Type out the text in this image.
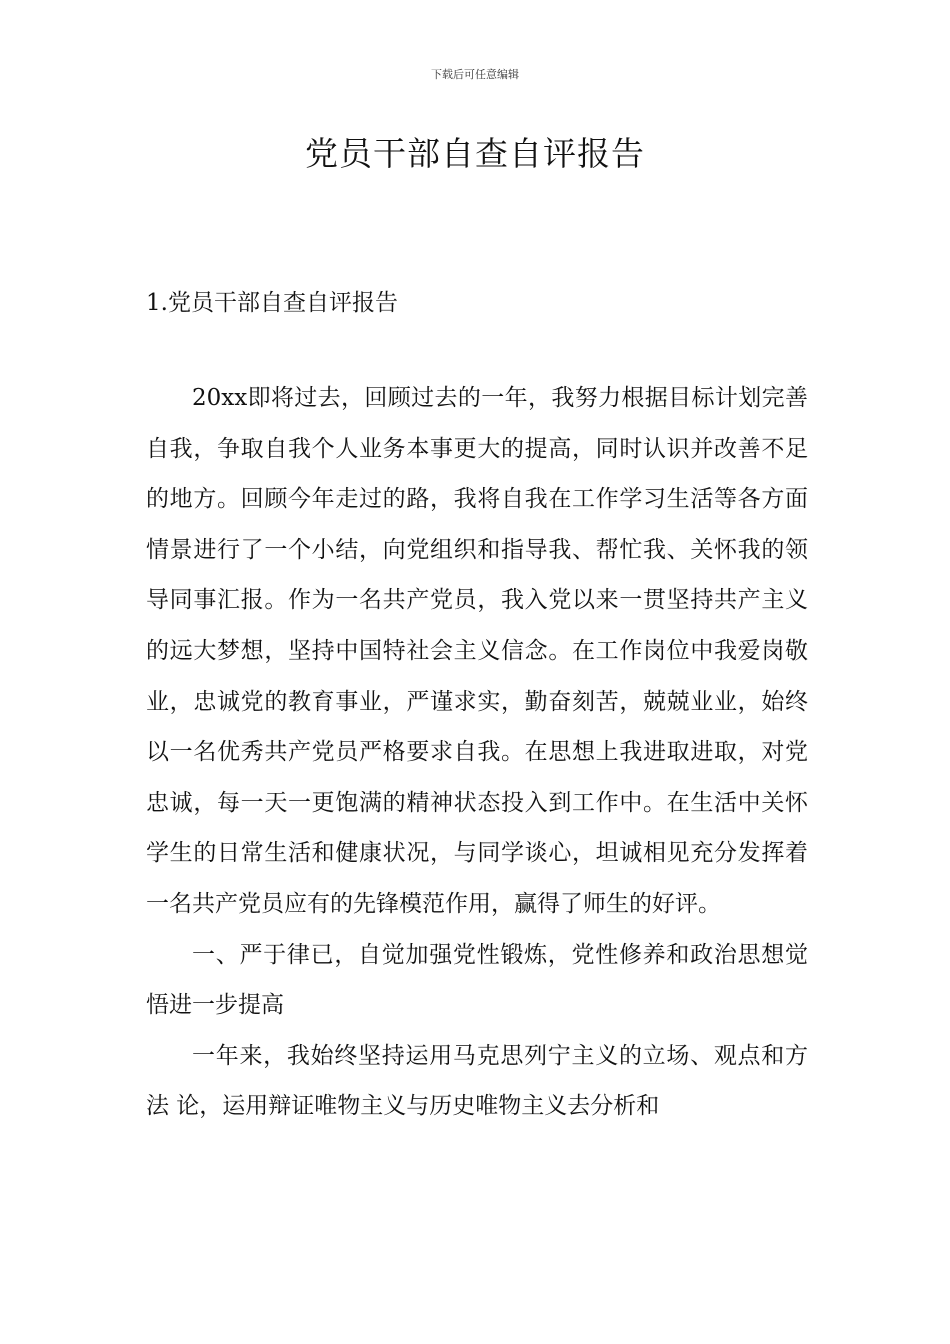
下载后可任意编辑
党员干部自查自评报告
1.党员干部自查自评报告

20xx即将过去，回顾过去的一年，我努力根据目标计划完善自我，争取自我个人业务本事更大的提高，同时认识并改善不足的地方。回顾今年走过的路，我将自我在工作学习生活等各方面情景进行了一个小结，向党组织和指导我、帮忙我、关怀我的领导同事汇报。作为一名共产党员，我入党以来一贯坚持共产主义的远大梦想，坚持中国特社会主义信念。在工作岗位中我爱岗敬业，忠诚党的教育事业，严谨求实，勤奋刻苦，兢兢业业，始终以一名优秀共产党员严格要求自我。在思想上我进取进取，对党忠诚，每一天一更饱满的精神状态投入到工作中。在生活中关怀学生的日常生活和健康状况，与同学谈心，坦诚相见充分发挥着一名共产党员应有的先锋模范作用，赢得了师生的好评。

一、严于律已，自觉加强党性锻炼，党性修养和政治思想觉悟进一步提高

一年来，我始终坚持运用马克思列宁主义的立场、观点和方法 论，运用辩证唯物主义与历史唯物主义去分析和
